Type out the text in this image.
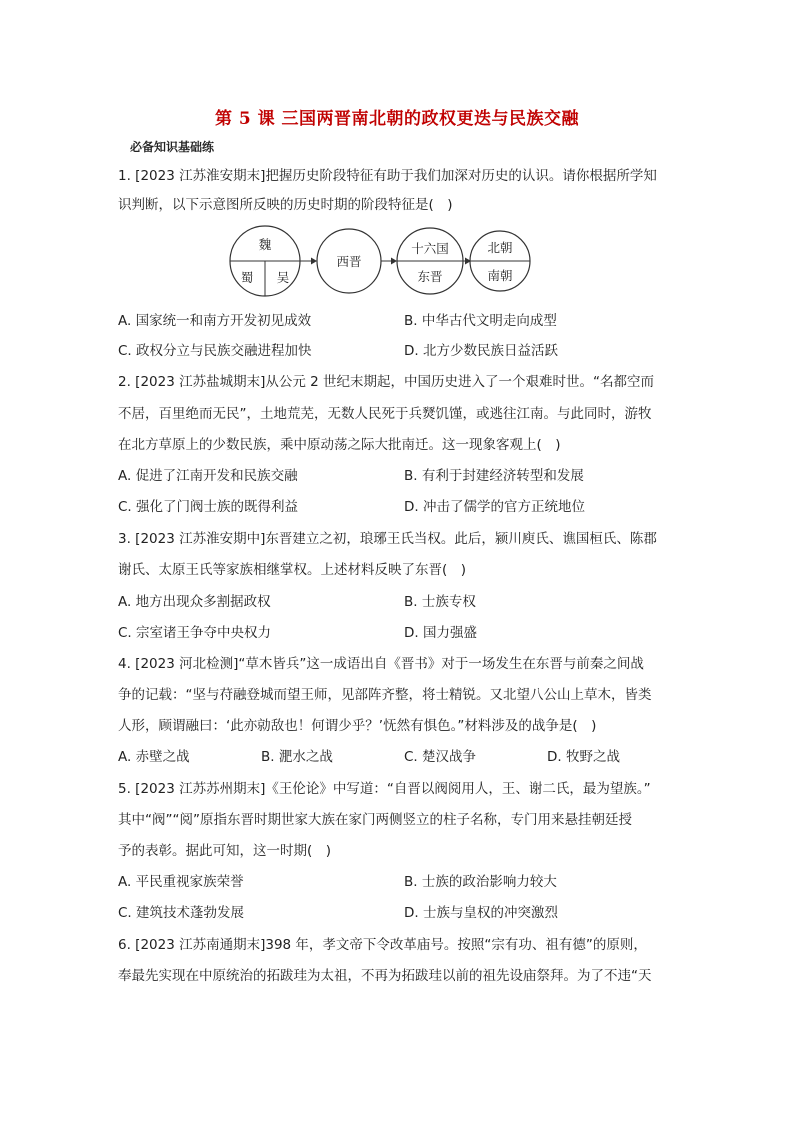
第 5 课 三国两晋南北朝的政权更迭与民族交融
必备知识基础练
1. [2023 江苏淮安期末]把握历史阶段特征有助于我们加深对历史的认识。请你根据所学知
识判断，以下示意图所反映的历史时期的阶段特征是(　)
魏
蜀 吴
西晋
十六国
东晋
北朝
南朝
A. 国家统一和南方开发初见成效	B. 中华古代文明走向成型
C. 政权分立与民族交融进程加快	D. 北方少数民族日益活跃
2. [2023 江苏盐城期末]从公元 2 世纪末期起，中国历史进入了一个艰难时世。“名都空而
不居，百里绝而无民”，土地荒芜，无数人民死于兵燹饥馑，或逃往江南。与此同时，游牧
在北方草原上的少数民族，乘中原动荡之际大批南迁。这一现象客观上(　)
A. 促进了江南开发和民族交融	B. 有利于封建经济转型和发展
C. 强化了门阀士族的既得利益	D. 冲击了儒学的官方正统地位
3. [2023 江苏淮安期中]东晋建立之初，琅琊王氏当权。此后，颍川庾氏、谯国桓氏、陈郡
谢氏、太原王氏等家族相继掌权。上述材料反映了东晋(　)
A. 地方出现众多割据政权	B. 士族专权
C. 宗室诸王争夺中央权力	D. 国力强盛
4. [2023 河北检测]“草木皆兵”这一成语出自《晋书》对于一场发生在东晋与前秦之间战
争的记载：“坚与苻融登城而望王师，见部阵齐整，将士精锐。又北望八公山上草木，皆类
人形，顾谓融曰：‘此亦勍敌也！何谓少乎？’怃然有惧色。”材料涉及的战争是(　)
A. 赤壁之战	B. 淝水之战	C. 楚汉战争	D. 牧野之战
5. [2023 江苏苏州期末]《王伦论》中写道：“自晋以阀阅用人，王、谢二氏，最为望族。”
其中“阀”“阅”原指东晋时期世家大族在家门两侧竖立的柱子名称，专门用来悬挂朝廷授
予的表彰。据此可知，这一时期(　)
A. 平民重视家族荣誉	B. 士族的政治影响力较大
C. 建筑技术蓬勃发展	D. 士族与皇权的冲突激烈
6. [2023 江苏南通期末]398 年，孝文帝下令改革庙号。按照“宗有功、祖有德”的原则，
奉最先实现在中原统治的拓跋珪为太祖，不再为拓跋珪以前的祖先设庙祭拜。为了不违“天
